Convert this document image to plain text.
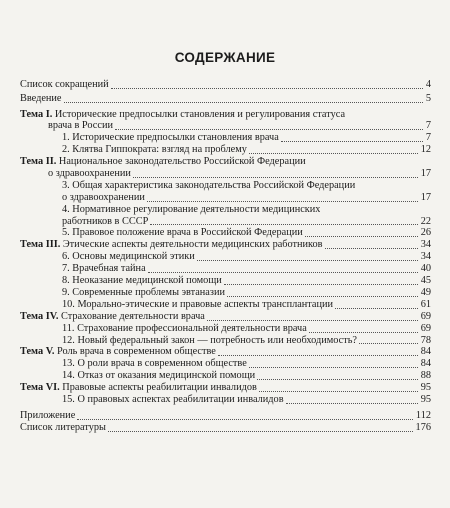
СОДЕРЖАНИЕ
Список сокращений	4
Введение	5
Тема I. Исторические предпосылки становления и регулирования статуса
врача в России	7
1. Исторические предпосылки становления врача	7
2. Клятва Гиппократа: взгляд на проблему	12
Тема II. Национальное законодательство Российской Федерации
о здравоохранении	17
3. Общая характеристика законодательства Российской Федерации
о здравоохранении	17
4. Нормативное регулирование деятельности медицинских
работников в СССР	22
5. Правовое положение врача в Российской Федерации	26
Тема III. Этические аспекты деятельности медицинских работников	34
6. Основы медицинской этики	34
7. Врачебная тайна	40
8. Неоказание медицинской помощи	45
9. Современные проблемы эвтаназии	49
10. Морально-этические и правовые аспекты трансплантации	61
Тема IV. Страхование деятельности врача	69
11. Страхование профессиональной деятельности врача	69
12. Новый федеральный закон — потребность или необходимость?	78
Тема V. Роль врача в современном обществе	84
13. О роли врача в современном обществе	84
14. Отказ от оказания медицинской помощи	88
Тема VI. Правовые аспекты реабилитации инвалидов	95
15. О правовых аспектах реабилитации инвалидов	95
Приложение	112
Список литературы	176
